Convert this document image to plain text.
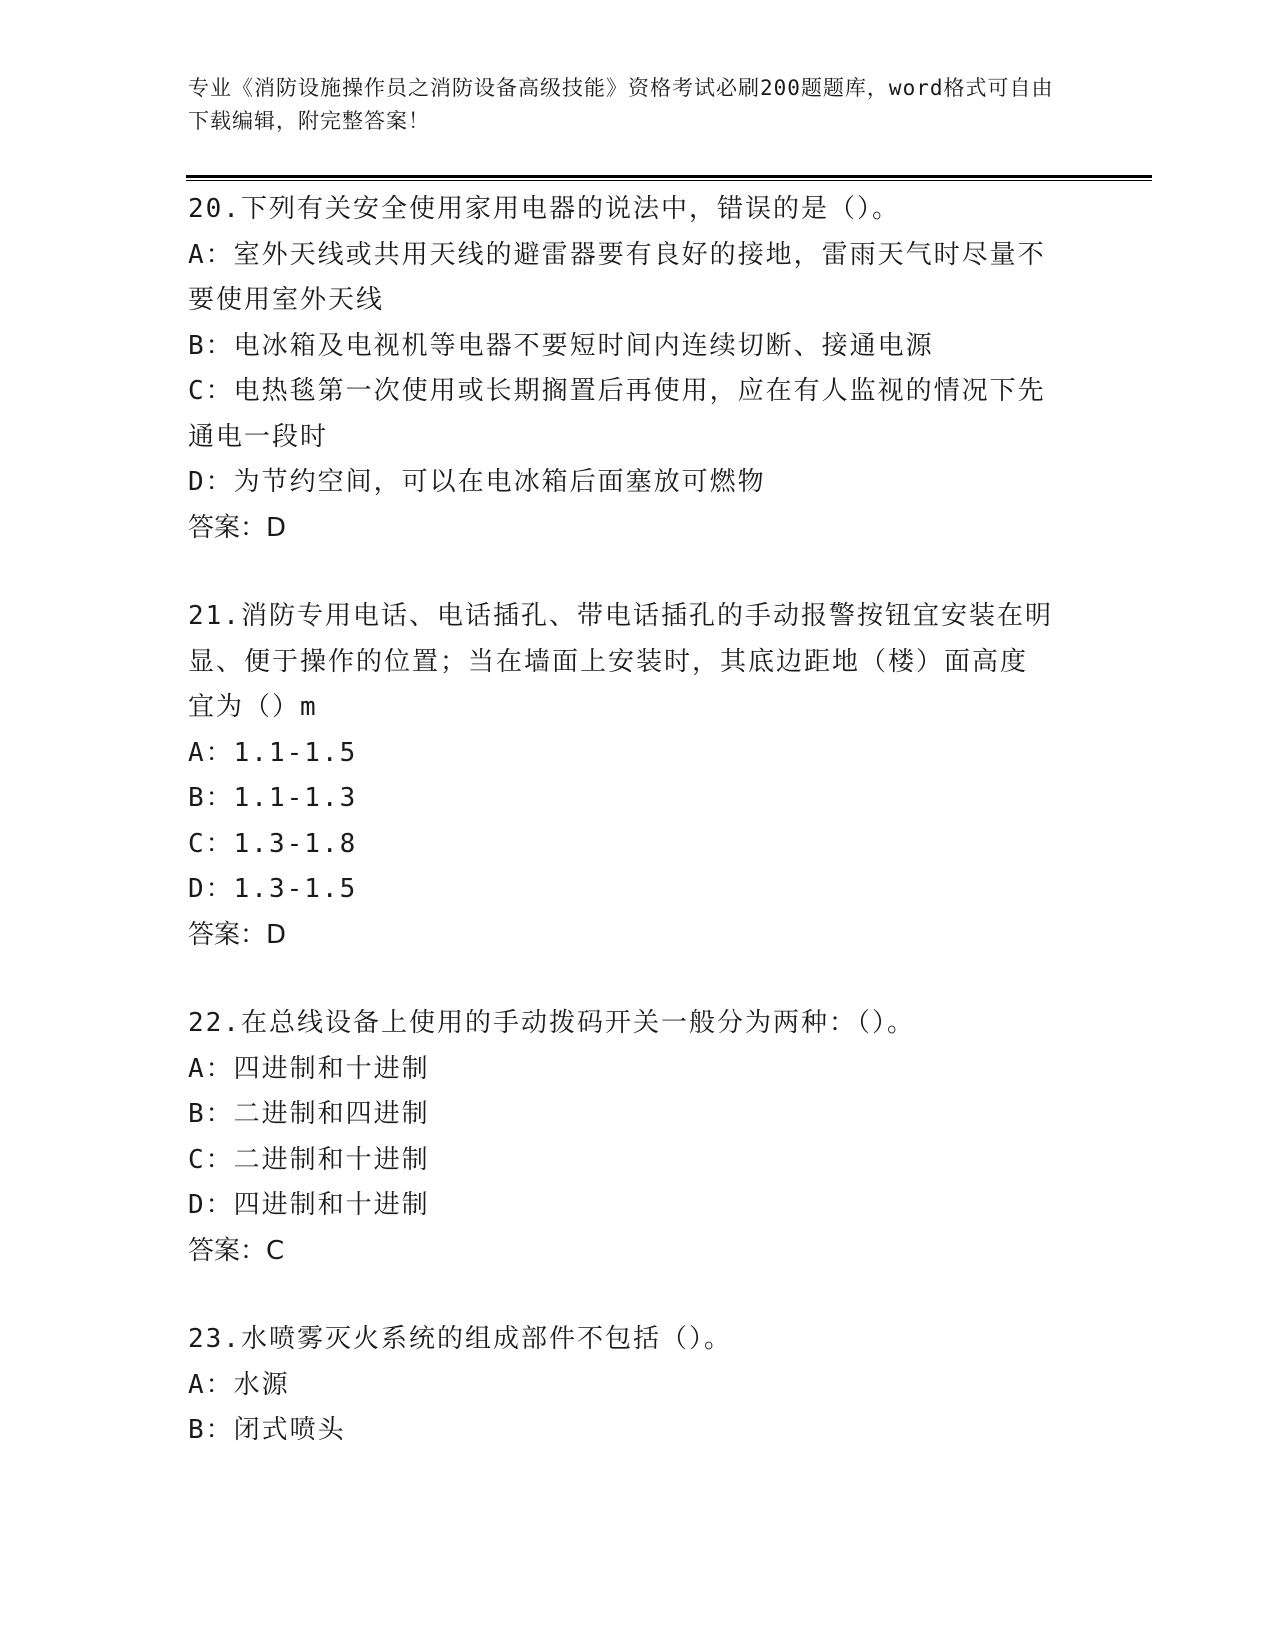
专业《消防设施操作员之消防设备高级技能》资格考试必刷200题题库，word格式可自由下载编辑，附完整答案！
20.下列有关安全使用家用电器的说法中，错误的是（）。
A：室外天线或共用天线的避雷器要有良好的接地，雷雨天气时尽量不
要使用室外天线
B：电冰箱及电视机等电器不要短时间内连续切断、接通电源
C：电热毯第一次使用或长期搁置后再使用，应在有人监视的情况下先
通电一段时
D：为节约空间，可以在电冰箱后面塞放可燃物
答案：D
21.消防专用电话、电话插孔、带电话插孔的手动报警按钮宜安装在明
显、便于操作的位置；当在墙面上安装时，其底边距地（楼）面高度
宜为（）m
A：1.1-1.5
B：1.1-1.3
C：1.3-1.8
D：1.3-1.5
答案：D
22.在总线设备上使用的手动拨码开关一般分为两种：（）。
A：四进制和十进制
B：二进制和四进制
C：二进制和十进制
D：四进制和十进制
答案：C
23.水喷雾灭火系统的组成部件不包括（）。
A：水源
B：闭式喷头
